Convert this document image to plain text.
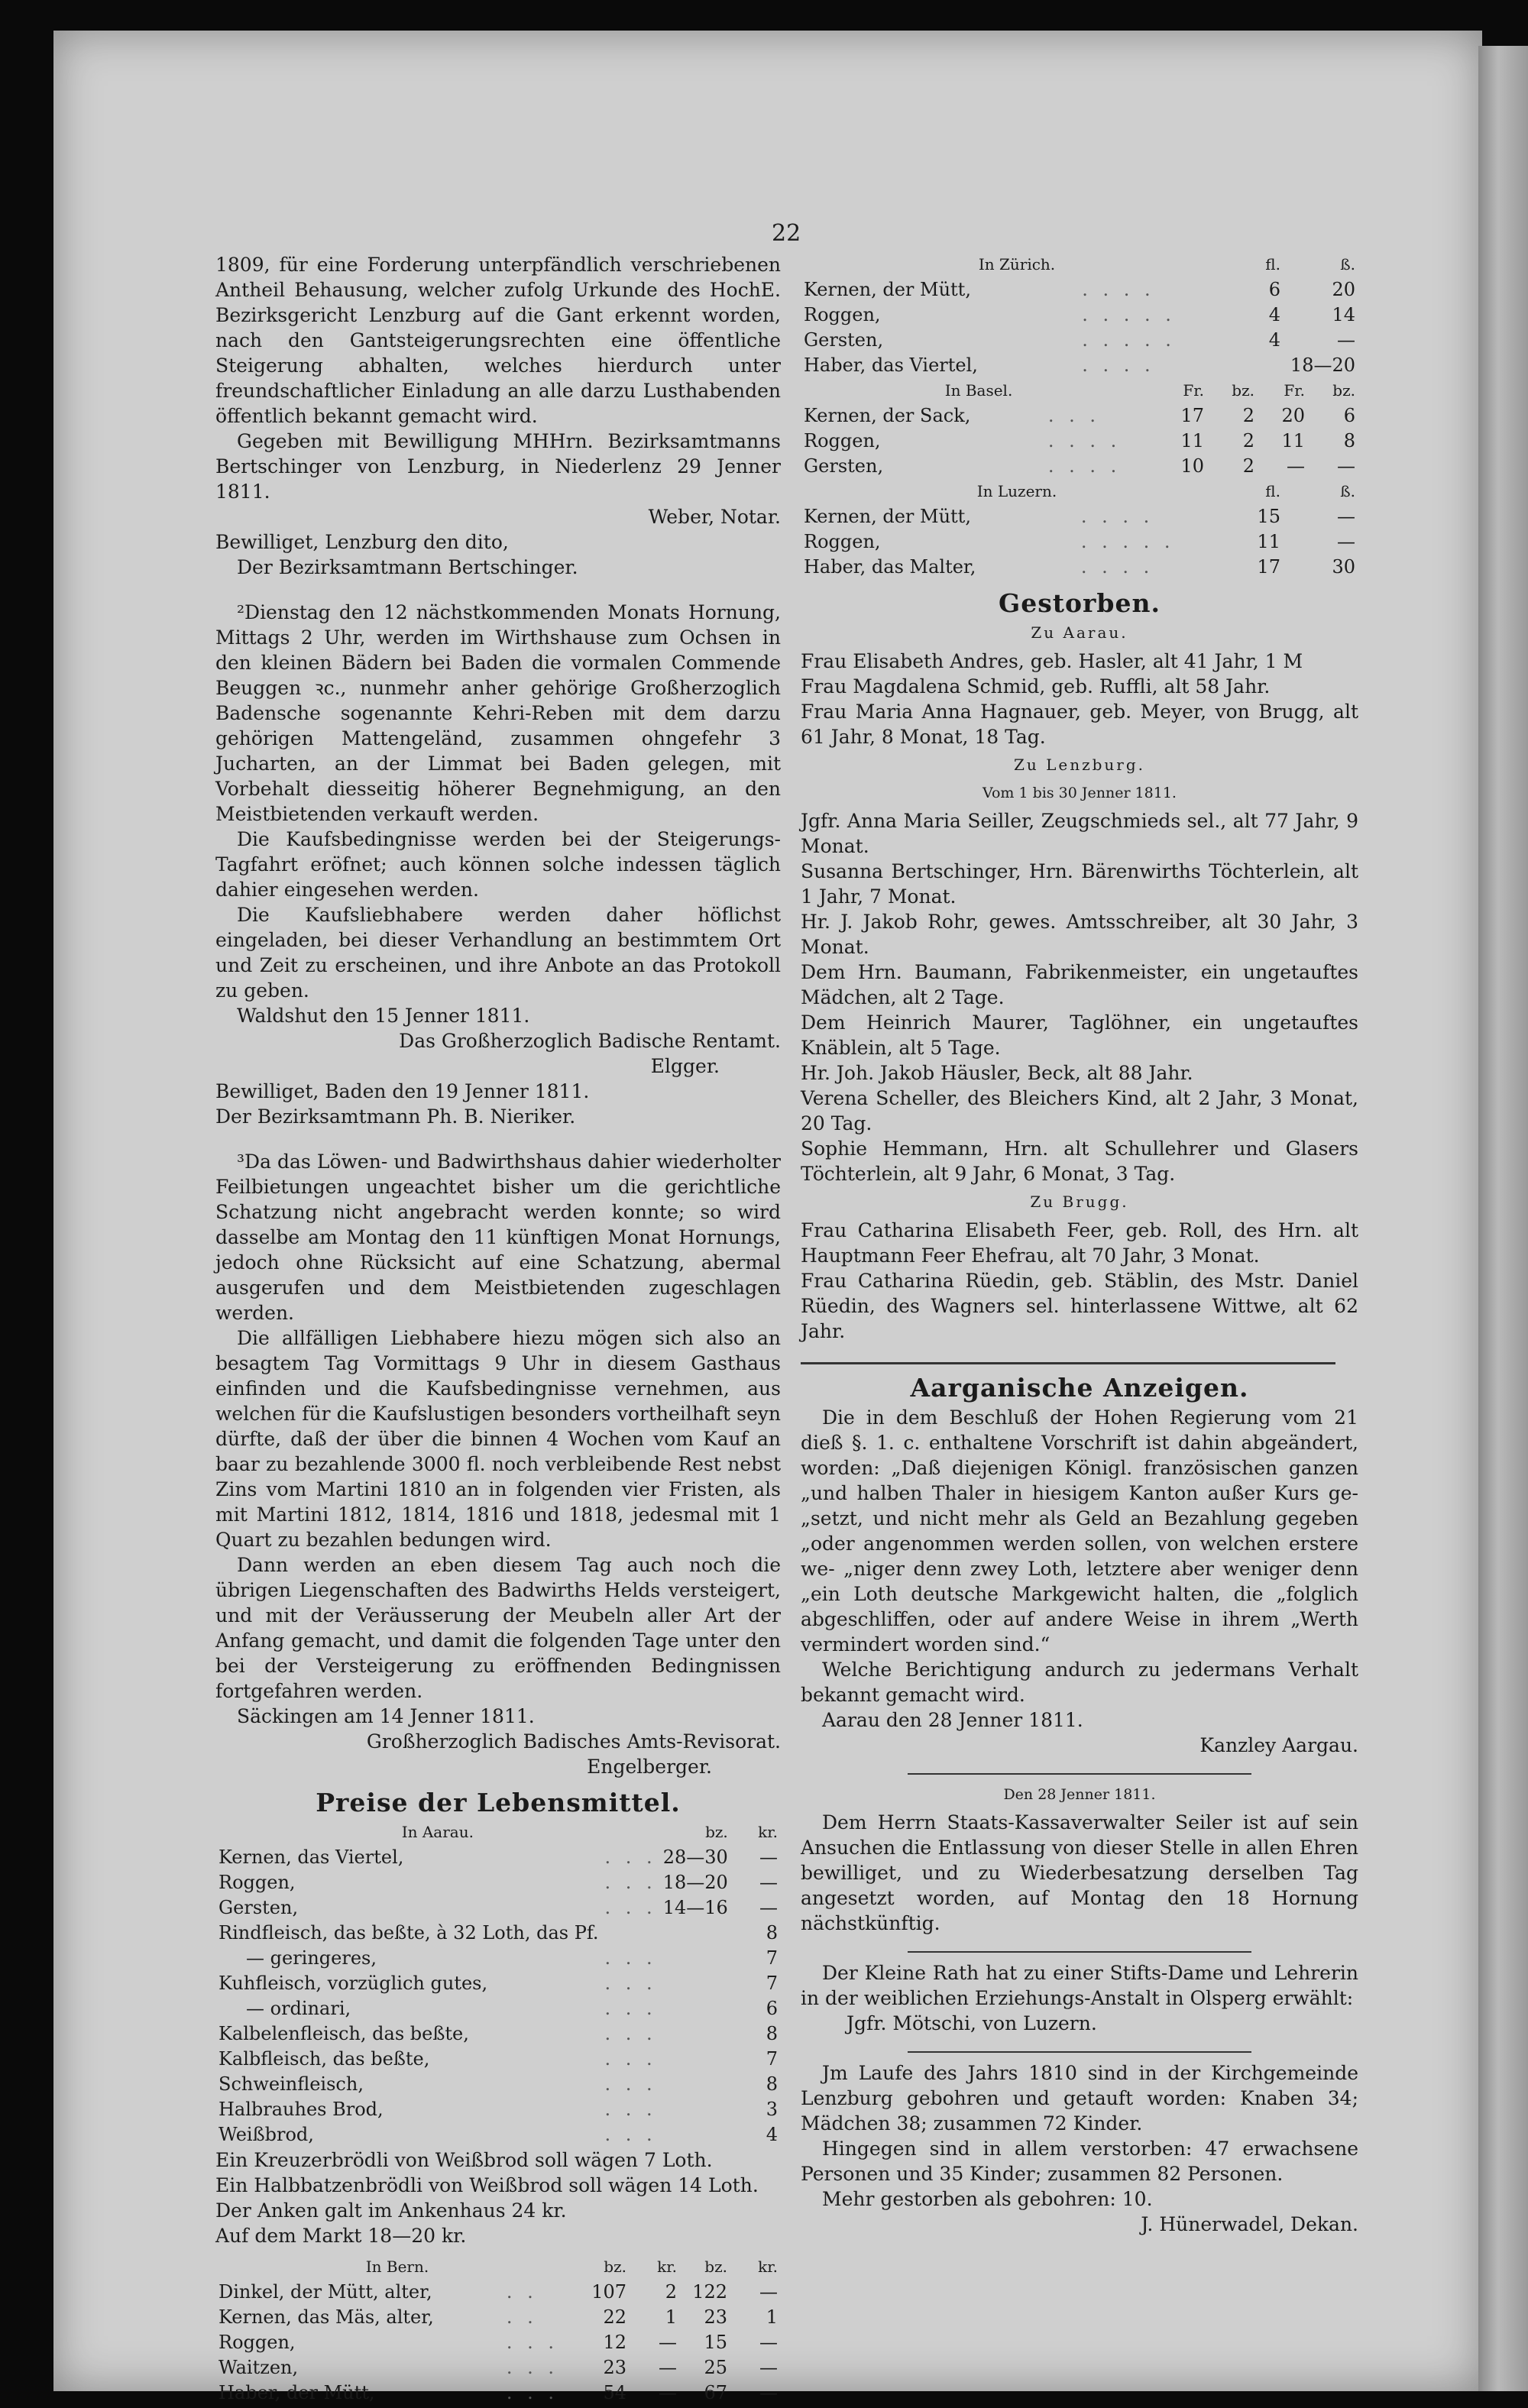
22

1809, für eine Forderung unterpfändlich verschriebenen Antheil Behausung, welcher zufolg Urkunde des HochE. Bezirksgericht Lenzburg auf die Gant erkennt worden, nach den Gantsteigerungsrechten eine öffentliche Steigerung abhalten, welches hierdurch unter freundschaftlicher Einladung an alle darzu Lusthabenden öffentlich bekannt gemacht wird.

Gegeben mit Bewilligung MHHrn. Bezirksamtmanns Bertschinger von Lenzburg, in Niederlenz 29 Jenner 1811.

Weber, Notar.

Bewilliget, Lenzburg den dito,

Der Bezirksamtmann Bertschinger.

²Dienstag den 12 nächstkommenden Monats Hornung, Mittags 2 Uhr, werden im Wirthshause zum Ochsen in den kleinen Bädern bei Baden die vormalen Commende Beuggen ꝛc., nunmehr anher gehörige Großherzoglich Badensche sogenannte Kehri-Reben mit dem darzu gehörigen Mattengeländ, zusammen ohngefehr 3 Jucharten, an der Limmat bei Baden gelegen, mit Vorbehalt diesseitig höherer Begnehmigung, an den Meistbietenden verkauft werden.

Die Kaufsbedingnisse werden bei der Steigerungs-Tagfahrt eröfnet; auch können solche indessen täglich dahier eingesehen werden.

Die Kaufsliebhabere werden daher höflichst eingeladen, bei dieser Verhandlung an bestimmtem Ort und Zeit zu erscheinen, und ihre Anbote an das Protokoll zu geben.

Waldshut den 15 Jenner 1811.

Das Großherzoglich Badische Rentamt.

Elgger.

Bewilliget, Baden den 19 Jenner 1811.

Der Bezirksamtmann Ph. B. Nieriker.

³Da das Löwen- und Badwirthshaus dahier wiederholter Feilbietungen ungeachtet bisher um die gerichtliche Schatzung nicht angebracht werden konnte; so wird dasselbe am Montag den 11 künftigen Monat Hornungs, jedoch ohne Rücksicht auf eine Schatzung, abermal ausgerufen und dem Meistbietenden zugeschlagen werden.

Die allfälligen Liebhabere hiezu mögen sich also an besagtem Tag Vormittags 9 Uhr in diesem Gasthaus einfinden und die Kaufsbedingnisse vernehmen, aus welchen für die Kaufslustigen besonders vortheilhaft seyn dürfte, daß der über die binnen 4 Wochen vom Kauf an baar zu bezahlende 3000 fl. noch verbleibende Rest nebst Zins vom Martini 1810 an in folgenden vier Fristen, als mit Martini 1812, 1814, 1816 und 1818, jedesmal mit 1 Quart zu bezahlen bedungen wird.

Dann werden an eben diesem Tag auch noch die übrigen Liegenschaften des Badwirths Helds versteigert, und mit der Veräusserung der Meubeln aller Art der Anfang gemacht, und damit die folgenden Tage unter den bei der Versteigerung zu eröffnenden Bedingnissen fortgefahren werden.

Säckingen am 14 Jenner 1811.

Großherzoglich Badisches Amts-Revisorat.

Engelberger.

Preise der Lebensmittel.
In Aarau.		bz.	kr.
Kernen, das Viertel,	. . .	28—30	—
Roggen,	. . .	18—20	—
Gersten,	. . .	14—16	—
Rindfleisch, das beßte, à 32 Loth, das Pf.			8
— geringeres,	. . .		7
Kuhfleisch, vorzüglich gutes,	. . .		7
— ordinari,	. . .		6
Kalbelenfleisch, das beßte,	. . .		8
Kalbfleisch, das beßte,	. . .		7
Schweinfleisch,	. . .		8
Halbrauhes Brod,	. . .		3
Weißbrod,	. . .		4

Ein Kreuzerbrödli von Weißbrod soll wägen 7 Loth.

Ein Halbbatzenbrödli von Weißbrod soll wägen 14 Loth.

Der Anken galt im Ankenhaus 24 kr.

Auf dem Markt 18—20 kr.

In Bern.		bz.	kr.	bz.	kr.
Dinkel, der Mütt, alter,	. .	107	2	122	—
Kernen, das Mäs, alter,	. .	22	1	23	1
Roggen,	. . .	12	—	15	—
Waitzen,	. . .	23	—	25	—
Haber, der Mütt,	. . .	54	—	67	—
In Zürich.		fl.	ß.
Kernen, der Mütt,	. . . .	6	20
Roggen,	. . . . .	4	14
Gersten,	. . . . .	4	—
Haber, das Viertel,	. . . .		18—20
In Basel.		Fr.	bz.	Fr.	bz.
Kernen, der Sack,	. . .	17	2	20	6
Roggen,	. . . .	11	2	11	8
Gersten,	. . . .	10	2	—	—
In Luzern.		fl.	ß.
Kernen, der Mütt,	. . . .	15	—
Roggen,	. . . . .	11	—
Haber, das Malter,	. . . .	17	30
Gestorben.
Zu Aarau.

Frau Elisabeth Andres, geb. Hasler, alt 41 Jahr, 1 M

Frau Magdalena Schmid, geb. Ruffli, alt 58 Jahr.

Frau Maria Anna Hagnauer, geb. Meyer, von Brugg, alt 61 Jahr, 8 Monat, 18 Tag.

Zu Lenzburg.
Vom 1 bis 30 Jenner 1811.

Jgfr. Anna Maria Seiller, Zeugschmieds sel., alt 77 Jahr, 9 Monat.

Susanna Bertschinger, Hrn. Bärenwirths Töchterlein, alt 1 Jahr, 7 Monat.

Hr. J. Jakob Rohr, gewes. Amtsschreiber, alt 30 Jahr, 3 Monat.

Dem Hrn. Baumann, Fabrikenmeister, ein ungetauftes Mädchen, alt 2 Tage.

Dem Heinrich Maurer, Taglöhner, ein ungetauftes Knäblein, alt 5 Tage.

Hr. Joh. Jakob Häusler, Beck, alt 88 Jahr.

Verena Scheller, des Bleichers Kind, alt 2 Jahr, 3 Monat, 20 Tag.

Sophie Hemmann, Hrn. alt Schullehrer und Glasers Töchterlein, alt 9 Jahr, 6 Monat, 3 Tag.

Zu Brugg.

Frau Catharina Elisabeth Feer, geb. Roll, des Hrn. alt Hauptmann Feer Ehefrau, alt 70 Jahr, 3 Monat.

Frau Catharina Rüedin, geb. Stäblin, des Mstr. Daniel Rüedin, des Wagners sel. hinterlassene Wittwe, alt 62 Jahr.

Aarganische Anzeigen.

Die in dem Beschluß der Hohen Regierung vom 21 dieß §. 1. c. enthaltene Vorschrift ist dahin abgeändert, worden: „Daß diejenigen Königl. französischen ganzen „und halben Thaler in hiesigem Kanton außer Kurs ge- „setzt, und nicht mehr als Geld an Bezahlung gegeben „oder angenommen werden sollen, von welchen erstere we- „niger denn zwey Loth, letztere aber weniger denn „ein Loth deutsche Markgewicht halten, die „folglich abgeschliffen, oder auf andere Weise in ihrem „Werth vermindert worden sind.“

Welche Berichtigung andurch zu jedermans Verhalt bekannt gemacht wird.

Aarau den 28 Jenner 1811.

Kanzley Aargau.

Den 28 Jenner 1811.

Dem Herrn Staats-Kassaverwalter Seiler ist auf sein Ansuchen die Entlassung von dieser Stelle in allen Ehren bewilliget, und zu Wiederbesatzung derselben Tag angesetzt worden, auf Montag den 18 Hornung nächstkünftig.

Der Kleine Rath hat zu einer Stifts-Dame und Lehrerin in der weiblichen Erziehungs-Anstalt in Olsperg erwählt:

Jgfr. Mötschi, von Luzern.

Jm Laufe des Jahrs 1810 sind in der Kirchgemeinde Lenzburg gebohren und getauft worden: Knaben 34; Mädchen 38; zusammen 72 Kinder.

Hingegen sind in allem verstorben: 47 erwachsene Personen und 35 Kinder; zusammen 82 Personen.

Mehr gestorben als gebohren: 10.

J. Hünerwadel, Dekan.
